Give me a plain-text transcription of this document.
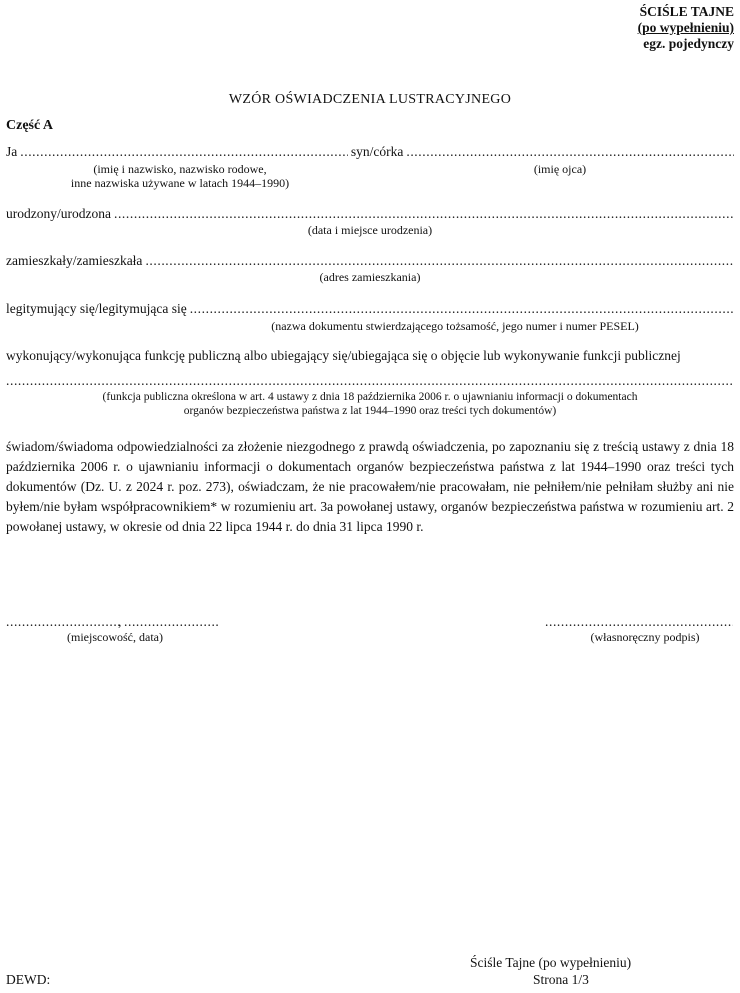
ŚCIŚLE TAJNE
(po wypełnieniu)
egz. pojedynczy
WZÓR OŚWIADCZENIA LUSTRACYJNEGO
Część A
Ja
.....	syn/córka
.....
(imię i nazwisko, nazwisko rodowe,
inne nazwiska używane w latach 1944–1990)
(imię ojca)
urodzony/urodzona
.....
(data i miejsce urodzenia)
zamieszkały/zamieszkała
.....
(adres zamieszkania)
legitymujący się/legitymująca się
.....
(nazwa dokumentu stwierdzającego tożsamość, jego numer i numer PESEL)
wykonujący/wykonująca funkcję publiczną albo ubiegający się/ubiegająca się o objęcie lub wykonywanie funkcji publicznej
.....
(funkcja publiczna określona w art. 4 ustawy z dnia 18 października 2006 r. o ujawnianiu informacji o dokumentach
organów bezpieczeństwa państwa z lat 1944–1990 oraz treści tych dokumentów)
świadom/świadoma odpowiedzialności za złożenie niezgodnego z prawdą oświadczenia, po zapoznaniu się z treścią ustawy z dnia 18 października 2006 r. o ujawnianiu informacji o dokumentach organów bezpieczeństwa państwa z lat 1944–1990 oraz treści tych dokumentów (Dz. U. z 2024 r. poz. 273), oświadczam, że nie pracowałem/nie pracowałam, nie pełniłem/nie pełniłam służby ani nie byłem/nie byłam współpracownikiem* w rozumieniu art. 3a powołanej ustawy, organów bezpieczeństwa państwa w rozumieniu art. 2 powołanej ustawy, w okresie od dnia 22 lipca 1944 r. do dnia 31 lipca 1990 r.
.....
,
.....
(miejscowość, data)
.....	(własnoręczny podpis)
Ściśle Tajne (po wypełnieniu)
Strona 1/3
DEWD:
